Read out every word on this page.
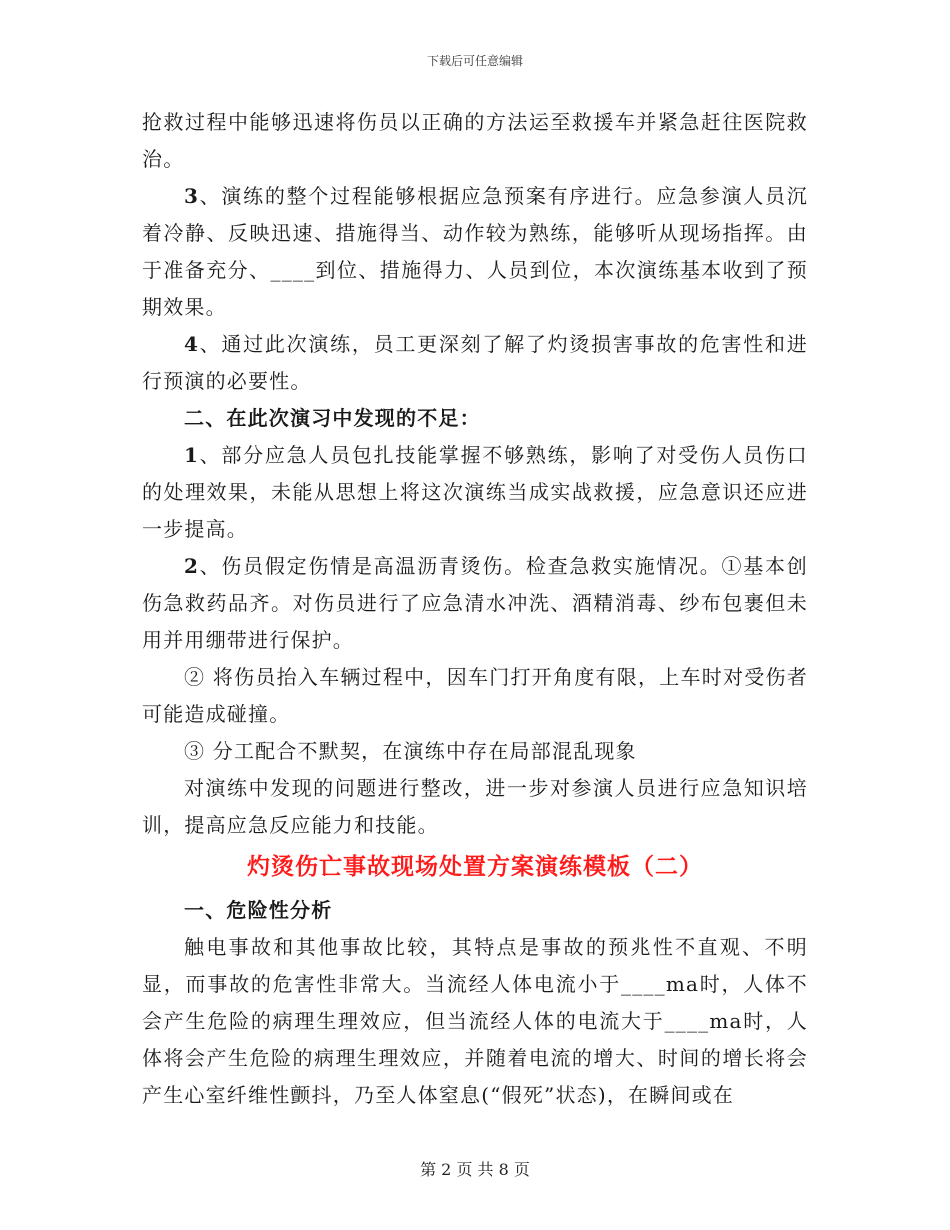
下载后可任意编辑

抢救过程中能够迅速将伤员以正确的方法运至救援车并紧急赶往医院救治。

3、演练的整个过程能够根据应急预案有序进行。应急参演人员沉着冷静、反映迅速、措施得当、动作较为熟练，能够听从现场指挥。由于准备充分、____到位、措施得力、人员到位，本次演练基本收到了预期效果。

4、通过此次演练，员工更深刻了解了灼烫损害事故的危害性和进行预演的必要性。

二、在此次演习中发现的不足：

1、部分应急人员包扎技能掌握不够熟练，影响了对受伤人员伤口的处理效果，未能从思想上将这次演练当成实战救援，应急意识还应进一步提高。

2、伤员假定伤情是高温沥青烫伤。检查急救实施情况。①基本创伤急救药品齐。对伤员进行了应急清水冲洗、酒精消毒、纱布包裹但未用并用绷带进行保护。

② 将伤员抬入车辆过程中，因车门打开角度有限，上车时对受伤者可能造成碰撞。

③ 分工配合不默契，在演练中存在局部混乱现象

对演练中发现的问题进行整改，进一步对参演人员进行应急知识培训，提高应急反应能力和技能。

灼烫伤亡事故现场处置方案演练模板（二）

一、危险性分析

触电事故和其他事故比较，其特点是事故的预兆性不直观、不明显，而事故的危害性非常大。当流经人体电流小于____ma时，人体不会产生危险的病理生理效应，但当流经人体的电流大于____ma时，人体将会产生危险的病理生理效应，并随着电流的增大、时间的增长将会产生心室纤维性颤抖，乃至人体窒息(“假死”状态)，在瞬间或在

第 2 页 共 8 页
